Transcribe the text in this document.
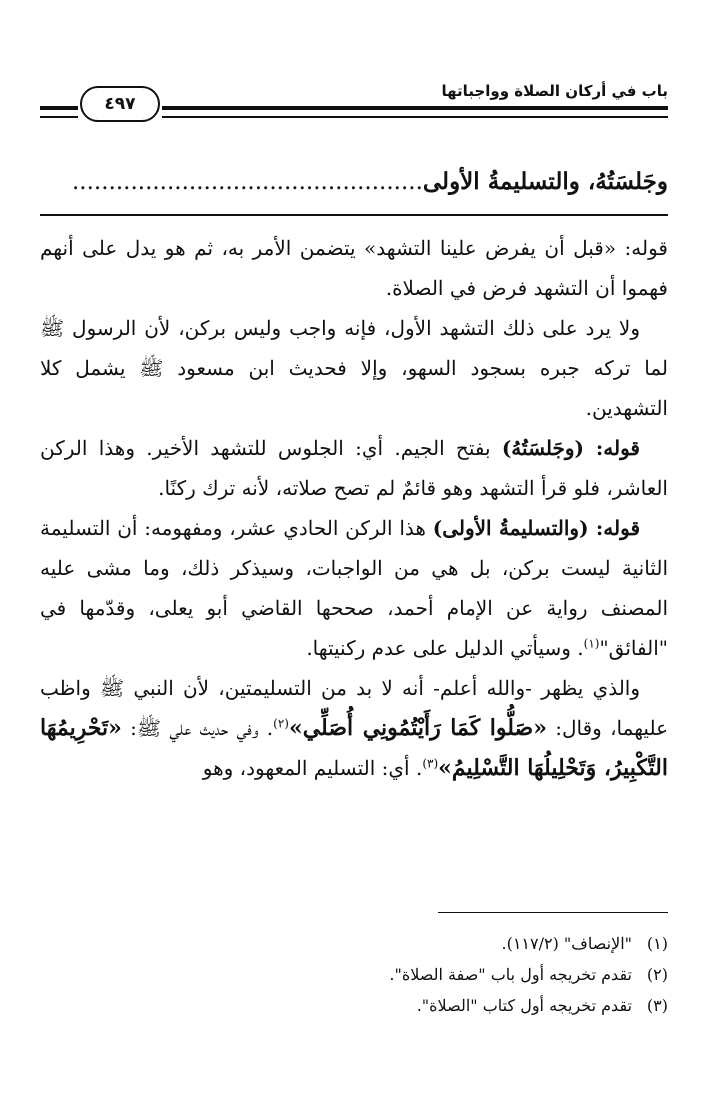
باب في أركان الصلاة وواجباتها
٤٩٧
وجَلسَتُهُ، والتسليمةُ الأولى................................................

قوله: «قبل أن يفرض علينا التشهد» يتضمن الأمر به، ثم هو يدل على أنهم فهموا أن التشهد فرض في الصلاة.

ولا يرد على ذلك التشهد الأول، فإنه واجب وليس بركن، لأن الرسول ﷺ لما تركه جبره بسجود السهو، وإلا فحديث ابن مسعود ﷺ يشمل كلا التشهدين.

قوله: (وجَلسَتُهُ) بفتح الجيم. أي: الجلوس للتشهد الأخير. وهذا الركن العاشر، فلو قرأ التشهد وهو قائمٌ لم تصح صلاته، لأنه ترك ركنًا.

قوله: (والتسليمةُ الأولى) هذا الركن الحادي عشر، ومفهومه: أن التسليمة الثانية ليست بركن، بل هي من الواجبات، وسيذكر ذلك، وما مشى عليه المصنف رواية عن الإمام أحمد، صححها القاضي أبو يعلى، وقدّمها في "الفائق"$^{(١)}$. وسيأتي الدليل على عدم ركنيتها.

والذي يظهر -والله أعلم- أنه لا بد من التسليمتين، لأن النبي ﷺ واظب عليهما، وقال: «صَلُّوا كَمَا رَأَيْتُمُونِي أُصَلِّي»$^{(٢)}$. وفي حديث علي ﷺ: «تَحْرِيمُهَا التَّكْبِيرُ، وَتَحْلِيلُهَا التَّسْلِيمُ»$^{(٣)}$. أي: التسليم المعهود، وهو

(١)"الإنصاف" (١١٧/٢).
(٢)تقدم تخريجه أول باب "صفة الصلاة".
(٣)تقدم تخريجه أول كتاب "الصلاة".
